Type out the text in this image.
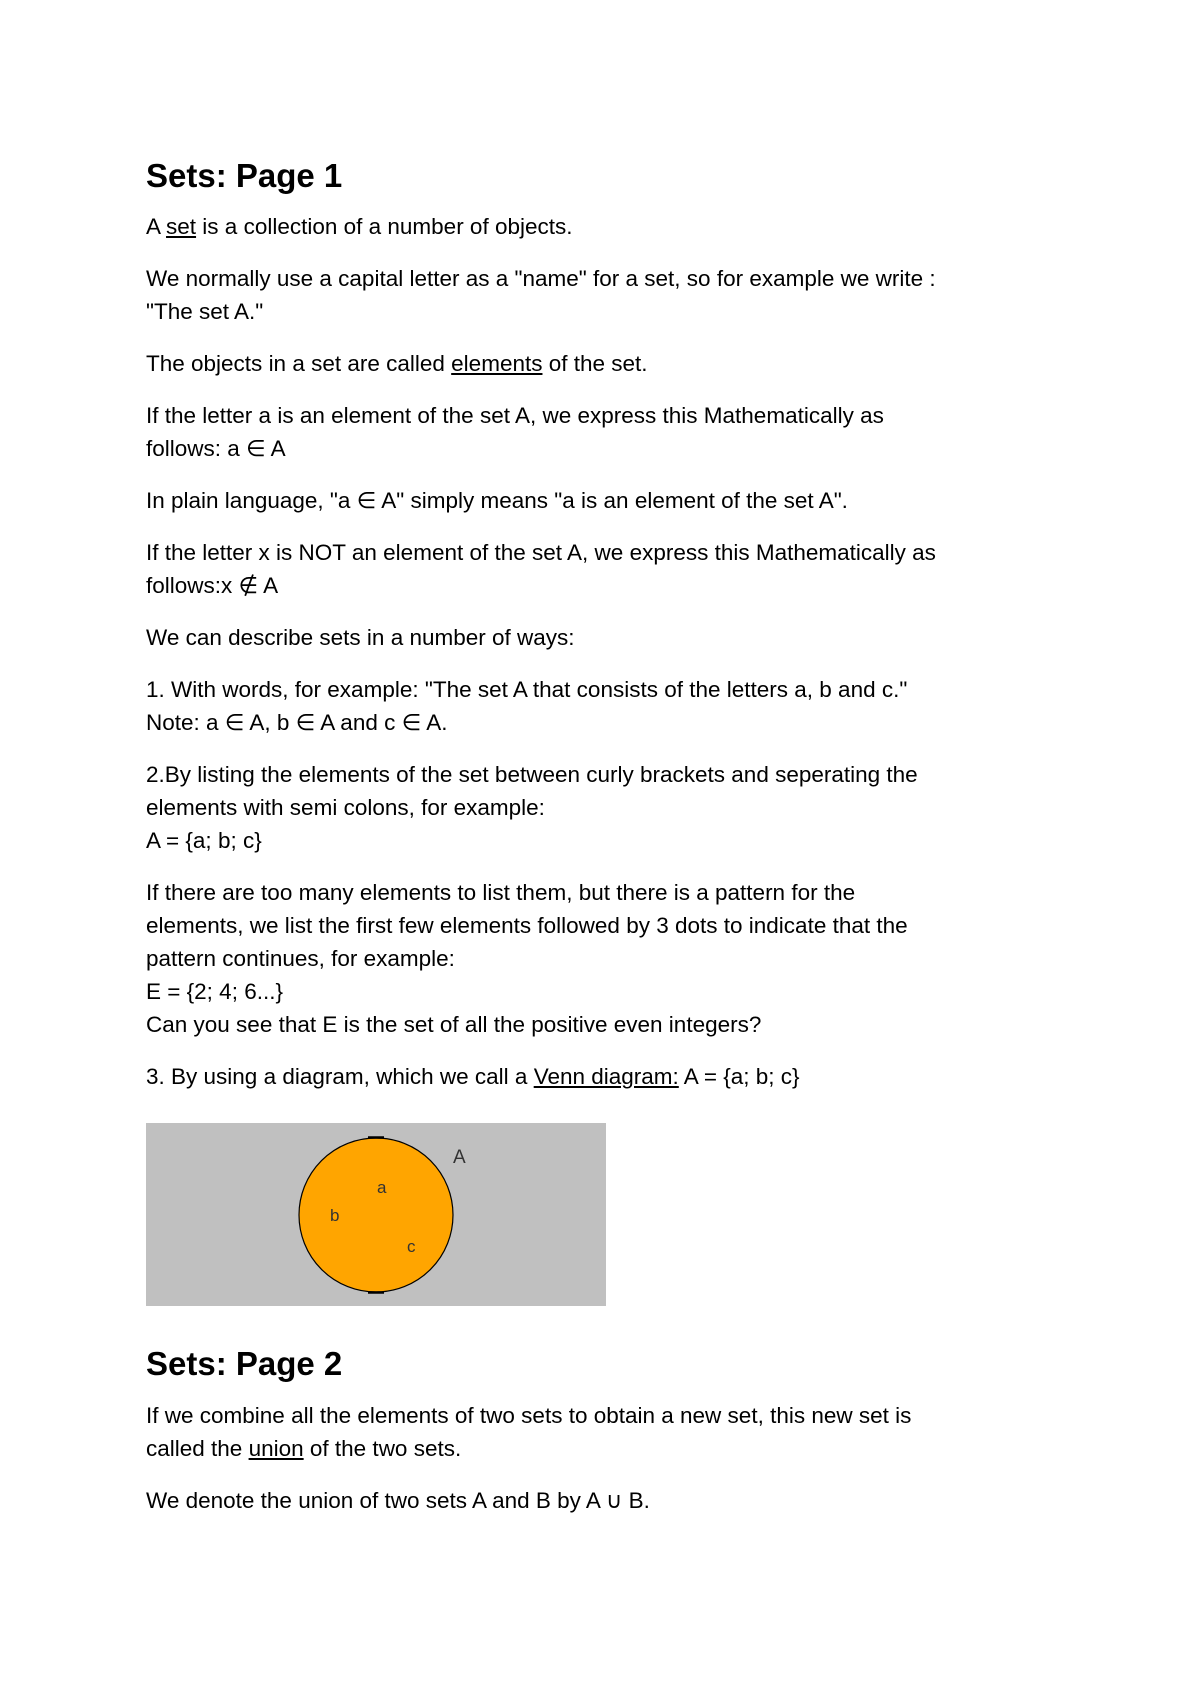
Sets: Page 1

A set is a collection of a number of objects.

We normally use a capital letter as a "name" for a set, so for example we write :
"The set A."

The objects in a set are called elements of the set.

If the letter a is an element of the set A, we express this Mathematically as
follows: a ∈ A

In plain language, "a ∈ A" simply means "a is an element of the set A".

If the letter x is NOT an element of the set A, we express this Mathematically as
follows:x ∉ A

We can describe sets in a number of ways:

1. With words, for example: "The set A that consists of the letters a, b and c."
Note: a ∈ A, b ∈ A and c ∈ A.

2.By listing the elements of the set between curly brackets and seperating the
elements with semi colons, for example:
A = {a; b; c}

If there are too many elements to list them, but there is a pattern for the
elements, we list the first few elements followed by 3 dots to indicate that the
pattern continues, for example:
E = {2; 4; 6...}
Can you see that E is the set of all the positive even integers?

3. By using a diagram, which we call a Venn diagram: A = {a; b; c}

A
a
b
c
Sets: Page 2

If we combine all the elements of two sets to obtain a new set, this new set is
called the union of the two sets.

We denote the union of two sets A and B by A ∪ B.
